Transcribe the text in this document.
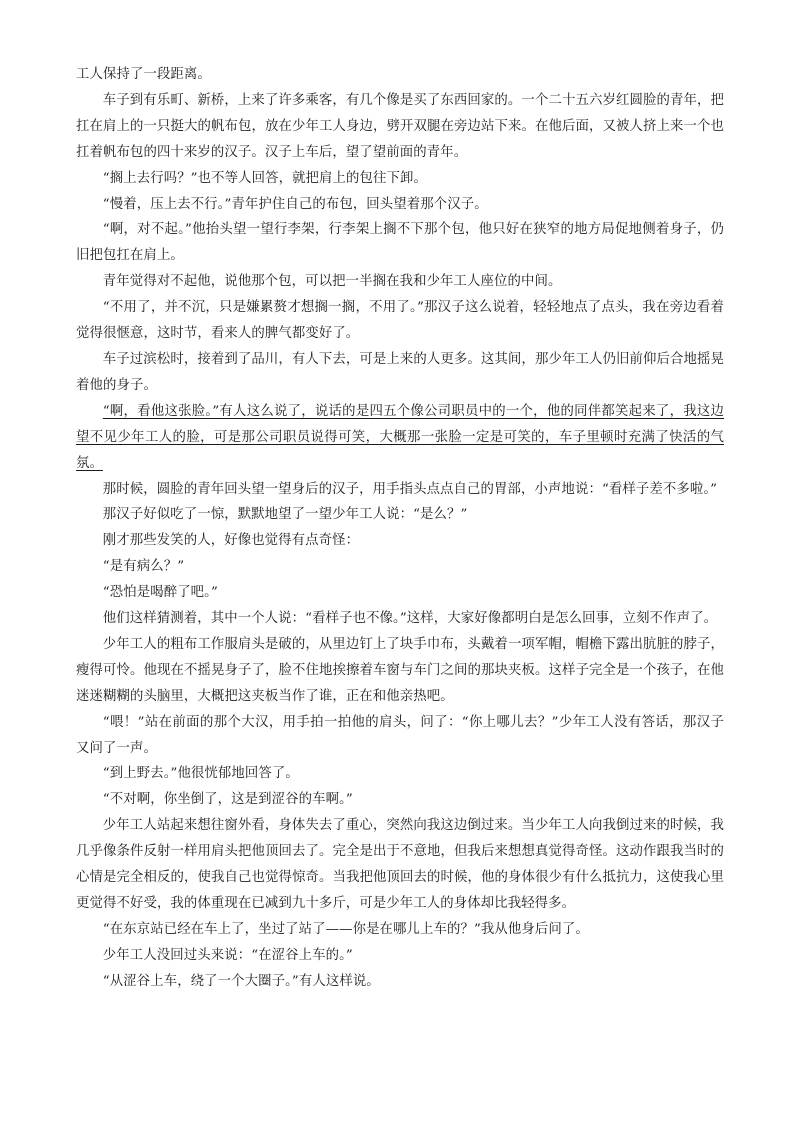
工人保持了一段距离。

车子到有乐町、新桥，上来了许多乘客，有几个像是买了东西回家的。一个二十五六岁红圆脸的青年，把扛在肩上的一只挺大的帆布包，放在少年工人身边，劈开双腿在旁边站下来。在他后面，又被人挤上来一个也扛着帆布包的四十来岁的汉子。汉子上车后，望了望前面的青年。

“搁上去行吗？”也不等人回答，就把肩上的包往下卸。

“慢着，压上去不行。”青年护住自己的布包，回头望着那个汉子。

“啊，对不起。”他抬头望一望行李架，行李架上搁不下那个包，他只好在狭窄的地方局促地侧着身子，仍旧把包扛在肩上。

青年觉得对不起他，说他那个包，可以把一半搁在我和少年工人座位的中间。

“不用了，并不沉，只是嫌累赘才想搁一搁，不用了。”那汉子这么说着，轻轻地点了点头，我在旁边看着觉得很惬意，这时节，看来人的脾气都变好了。

车子过滨松时，接着到了品川，有人下去，可是上来的人更多。这其间，那少年工人仍旧前仰后合地摇晃着他的身子。

“啊，看他这张脸。”有人这么说了，说话的是四五个像公司职员中的一个，他的同伴都笑起来了，我这边望不见少年工人的脸，可是那公司职员说得可笑，大概那一张脸一定是可笑的，车子里顿时充满了快活的气氛。

那时候，圆脸的青年回头望一望身后的汉子，用手指头点点自己的胃部，小声地说：“看样子差不多啦。”

那汉子好似吃了一惊，默默地望了一望少年工人说：“是么？”

刚才那些发笑的人，好像也觉得有点奇怪：

“是有病么？”

“恐怕是喝醉了吧。”

他们这样猜测着，其中一个人说：“看样子也不像。”这样，大家好像都明白是怎么回事，立刻不作声了。

少年工人的粗布工作服肩头是破的，从里边钉上了块手巾布，头戴着一项军帽，帽檐下露出肮脏的脖子，瘦得可怜。他现在不摇晃身子了，脸不住地挨擦着车窗与车门之间的那块夹板。这样子完全是一个孩子，在他迷迷糊糊的头脑里，大概把这夹板当作了谁，正在和他亲热吧。

“喂！”站在前面的那个大汉，用手拍一拍他的肩头，问了：“你上哪儿去？”少年工人没有答话，那汉子又问了一声。

“到上野去。”他很恍郁地回答了。

“不对啊，你坐倒了，这是到涩谷的车啊。”

少年工人站起来想往窗外看，身体失去了重心，突然向我这边倒过来。当少年工人向我倒过来的时候，我几乎像条件反射一样用肩头把他顶回去了。完全是出于不意地，但我后来想想真觉得奇怪。这动作跟我当时的心情是完全相反的，使我自己也觉得惊奇。当我把他顶回去的时候，他的身体很少有什么抵抗力，这使我心里更觉得不好受，我的体重现在已减到九十多斤，可是少年工人的身体却比我轻得多。

“在东京站已经在车上了，坐过了站了——你是在哪儿上车的？”我从他身后问了。

少年工人没回过头来说：“在涩谷上车的。”

“从涩谷上车，绕了一个大圈子。”有人这样说。
